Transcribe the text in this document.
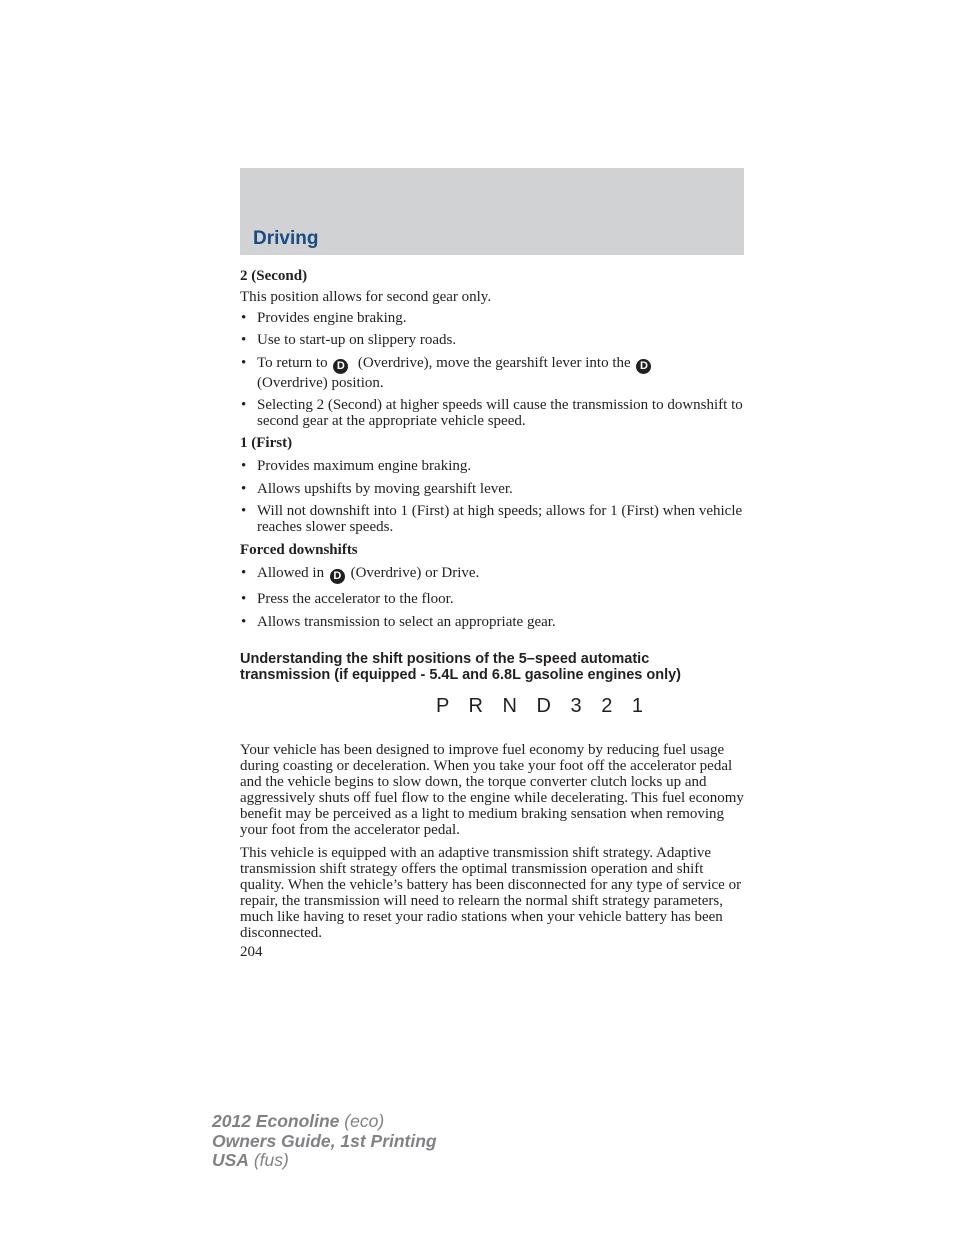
Driving

2 (Second)

This position allows for second gear only.

• Provides engine braking.
• Use to start-up on slippery roads.
• To return to D (Overdrive), move the gearshift lever into the D
(Overdrive) position.
• Selecting 2 (Second) at higher speeds will cause the transmission to downshift to second gear at the appropriate vehicle speed.

1 (First)

• Provides maximum engine braking.
• Allows upshifts by moving gearshift lever.
• Will not downshift into 1 (First) at high speeds; allows for 1 (First) when vehicle reaches slower speeds.

Forced downshifts

• Allowed in D (Overdrive) or Drive.
• Press the accelerator to the floor.
• Allows transmission to select an appropriate gear.

Understanding the shift positions of the 5–speed automatic

transmission (if equipped - 5.4L and 6.8L gasoline engines only)

P R N D 3 2 1

Your vehicle has been designed to improve fuel economy by reducing fuel usage during coasting or deceleration. When you take your foot off the accelerator pedal and the vehicle begins to slow down, the torque converter clutch locks up and aggressively shuts off fuel flow to the engine while decelerating. This fuel economy benefit may be perceived as a light to medium braking sensation when removing your foot from the accelerator pedal.

This vehicle is equipped with an adaptive transmission shift strategy. Adaptive transmission shift strategy offers the optimal transmission operation and shift quality. When the vehicle’s battery has been disconnected for any type of service or repair, the transmission will need to relearn the normal shift strategy parameters, much like having to reset your radio stations when your vehicle battery has been disconnected.

204

2012 Econoline (eco)
Owners Guide, 1st Printing
USA (fus)
